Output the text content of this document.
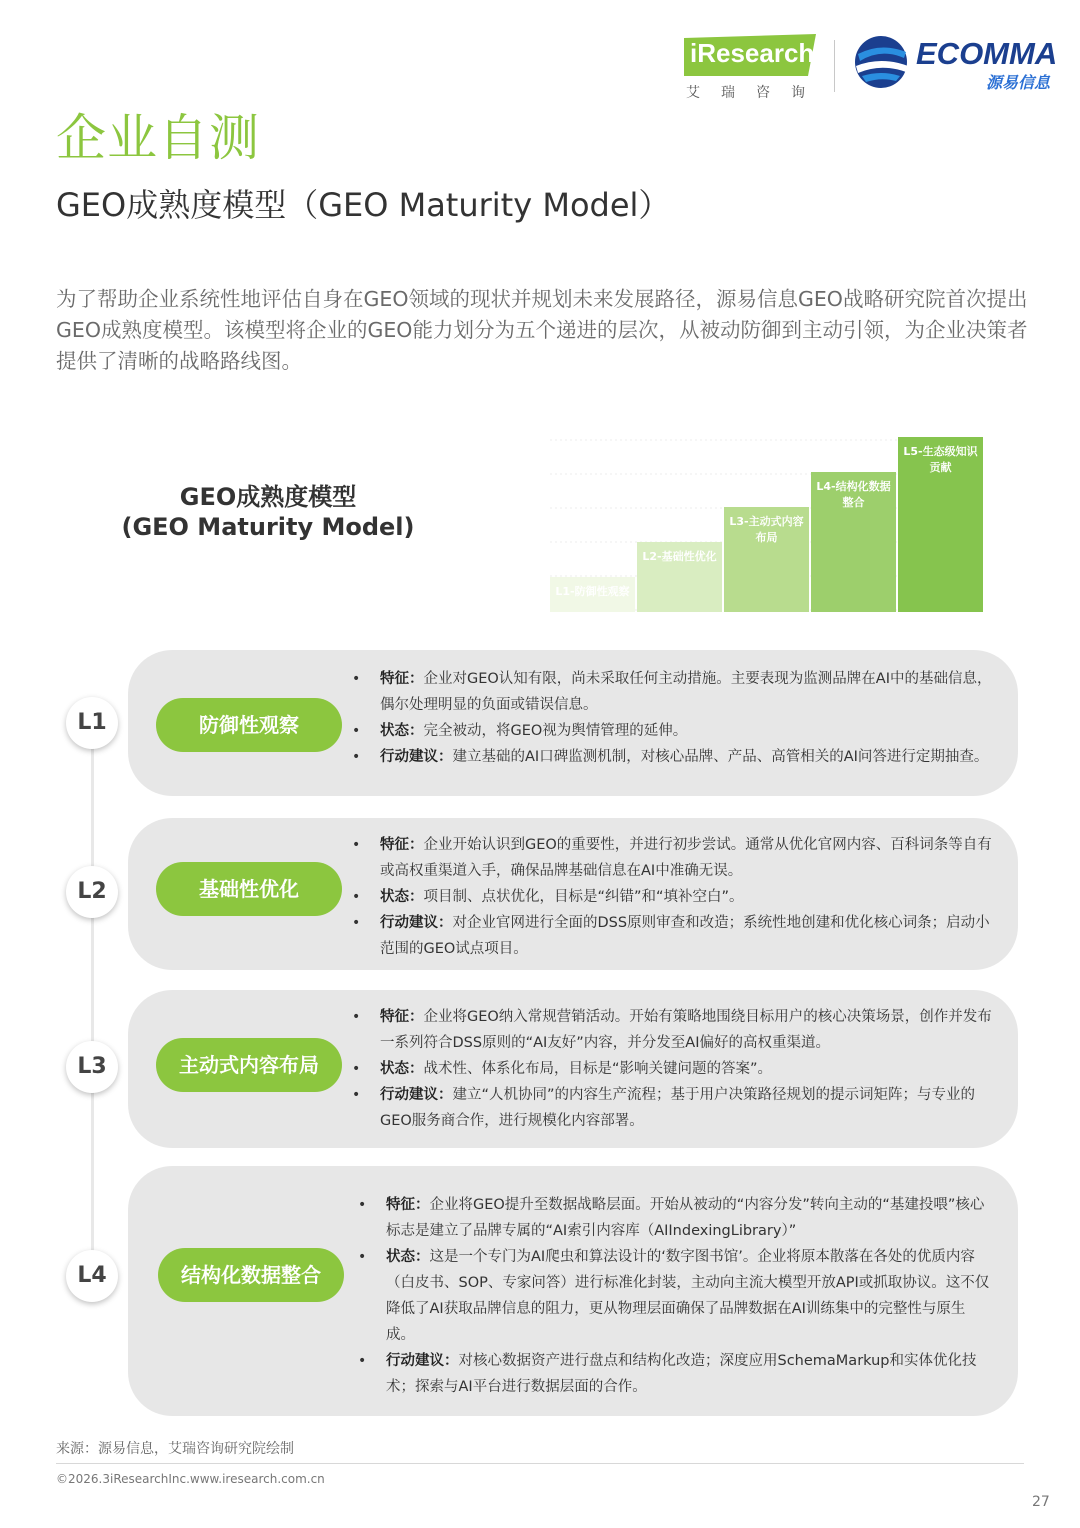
iResearch
艾瑞咨询
ECOMMA
源易信息
企业自测
GEO成熟度模型（GEO Maturity Model）

为了帮助企业系统性地评估自身在GEO领域的现状并规划未来发展路径，源易信息GEO战略研究院首次提出GEO成熟度模型。该模型将企业的GEO能力划分为五个递进的层次，从被动防御到主动引领，为企业决策者提供了清晰的战略路线图。

GEO成熟度模型
(GEO Maturity Model)
L1-防御性观察
L2-基础性优化
L3-主动式内容布局
L4-结构化数据整合
L5-生态级知识贡献
防御性观察
• 特征：企业对GEO认知有限，尚未采取任何主动措施。主要表现为监测品牌在AI中的基础信息，偶尔处理明显的负面或错误信息。
• 状态：完全被动，将GEO视为舆情管理的延伸。
• 行动建议：建立基础的AI口碑监测机制，对核心品牌、产品、高管相关的AI问答进行定期抽查。
基础性优化
• 特征：企业开始认识到GEO的重要性，并进行初步尝试。通常从优化官网内容、百科词条等自有或高权重渠道入手，确保品牌基础信息在AI中准确无误。
• 状态：项目制、点状优化，目标是“纠错”和“填补空白”。
• 行动建议：对企业官网进行全面的DSS原则审查和改造；系统性地创建和优化核心词条；启动小范围的GEO试点项目。
主动式内容布局
• 特征：企业将GEO纳入常规营销活动。开始有策略地围绕目标用户的核心决策场景，创作并发布一系列符合DSS原则的“AI友好”内容，并分发至AI偏好的高权重渠道。
• 状态：战术性、体系化布局，目标是“影响关键问题的答案”。
• 行动建议：建立“人机协同”的内容生产流程；基于用户决策路径规划的提示词矩阵；与专业的GEO服务商合作，进行规模化内容部署。
结构化数据整合
• 特征：企业将GEO提升至数据战略层面。开始从被动的“内容分发”转向主动的“基建投喂”核心标志是建立了品牌专属的“AI索引内容库（AIIndexingLibrary）”
• 状态：这是一个专门为AI爬虫和算法设计的‘数字图书馆’。企业将原本散落在各处的优质内容（白皮书、SOP、专家问答）进行标准化封装，主动向主流大模型开放API或抓取协议。这不仅降低了AI获取品牌信息的阻力，更从物理层面确保了品牌数据在AI训练集中的完整性与原生成。
• 行动建议：对核心数据资产进行盘点和结构化改造；深度应用SchemaMarkup和实体优化技术；探索与AI平台进行数据层面的合作。
L1
L2
L3
L4
来源：源易信息，艾瑞咨询研究院绘制
©2026.3iResearchInc.www.iresearch.com.cn
27
